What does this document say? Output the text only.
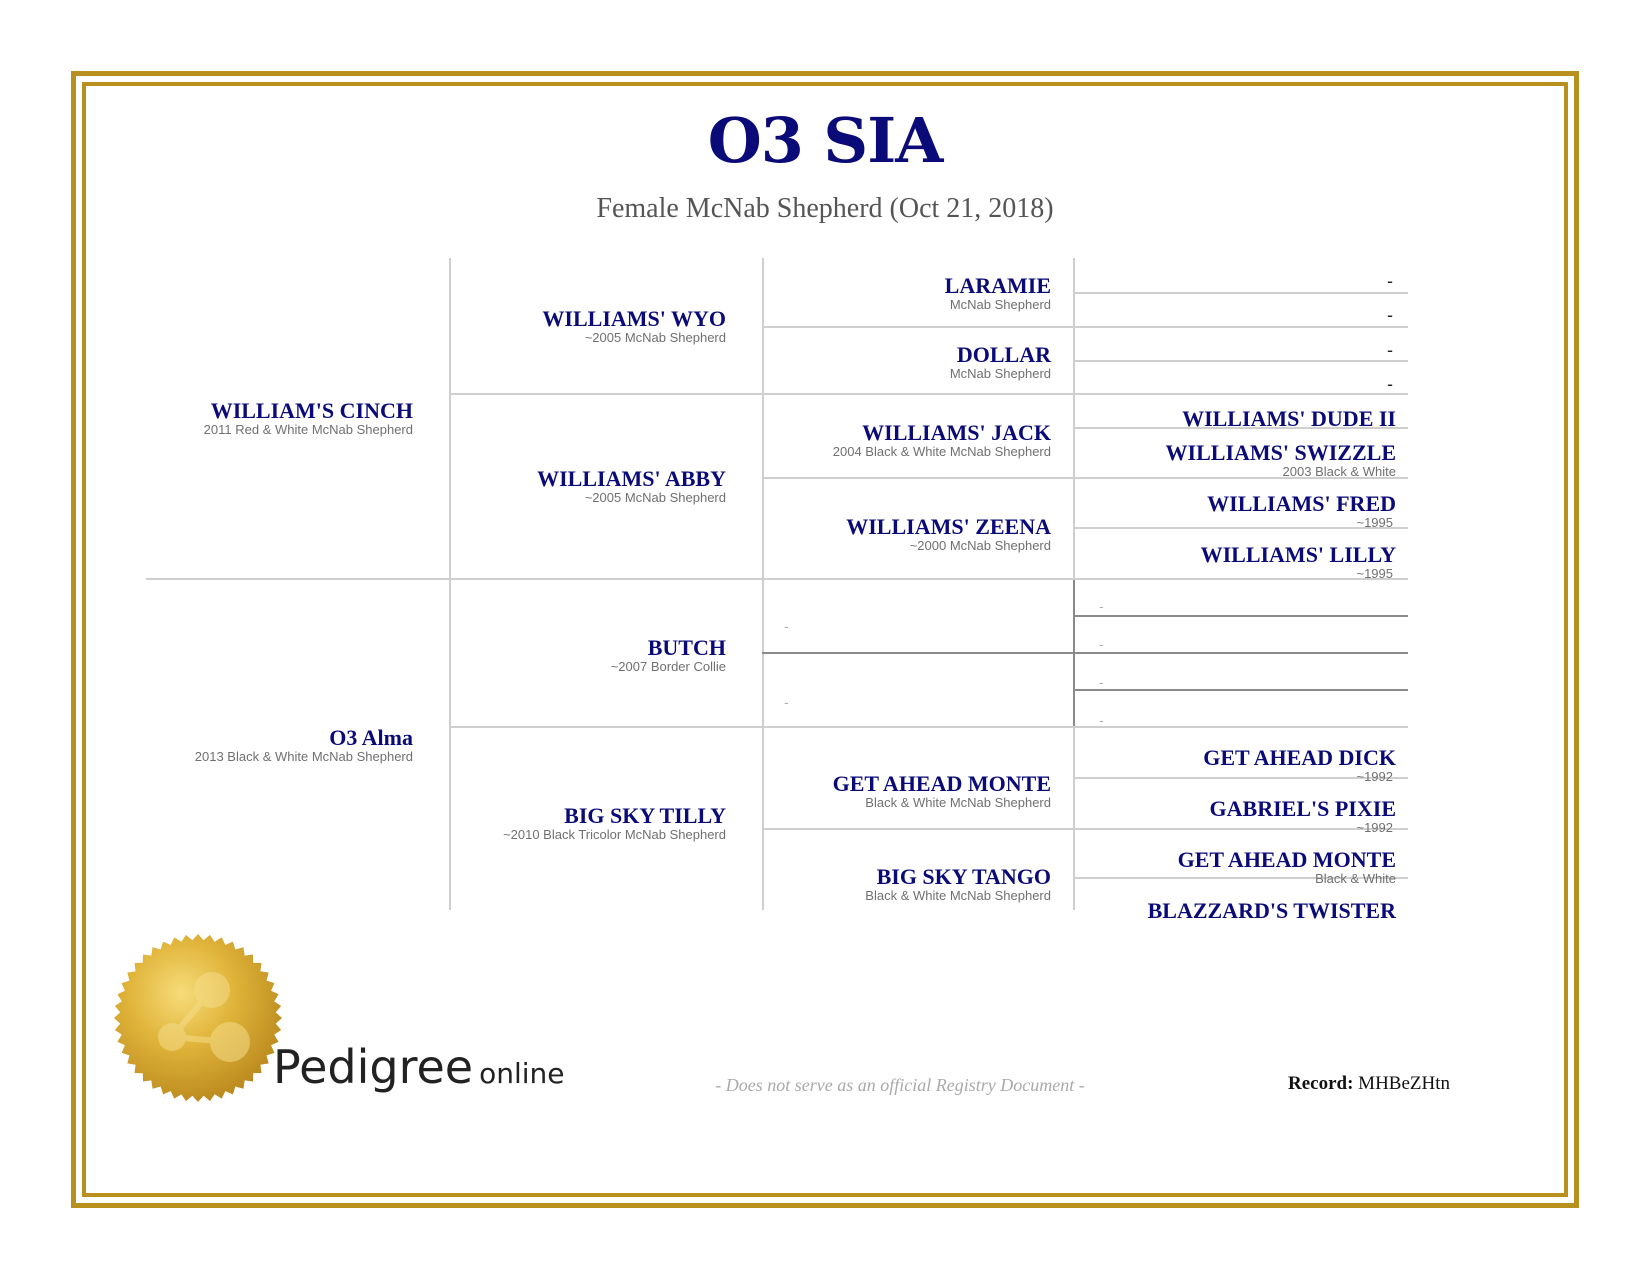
O3 SIA
Female McNab Shepherd (Oct 21, 2018)
WILLIAM'S CINCH
2011 Red & White McNab Shepherd
O3 Alma
2013 Black & White McNab Shepherd
WILLIAMS' WYO
~2005 McNab Shepherd
WILLIAMS' ABBY
~2005 McNab Shepherd
BUTCH
~2007 Border Collie
BIG SKY TILLY
~2010 Black Tricolor McNab Shepherd
LARAMIE
McNab Shepherd
DOLLAR
McNab Shepherd
WILLIAMS' JACK
2004 Black & White McNab Shepherd
WILLIAMS' ZEENA
~2000 McNab Shepherd
-
-
GET AHEAD MONTE
Black & White McNab Shepherd
BIG SKY TANGO
Black & White McNab Shepherd
-
-
-
-
WILLIAMS' DUDE II
WILLIAMS' SWIZZLE
2003 Black & White
WILLIAMS' FRED
~1995
WILLIAMS' LILLY
~1995
-
-
-
-
GET AHEAD DICK
~1992
GABRIEL'S PIXIE
~1992
GET AHEAD MONTE
Black & White
BLAZZARD'S TWISTER
Pedigree online	- Does not serve as an official Registry Document -	Record: MHBeZHtn
